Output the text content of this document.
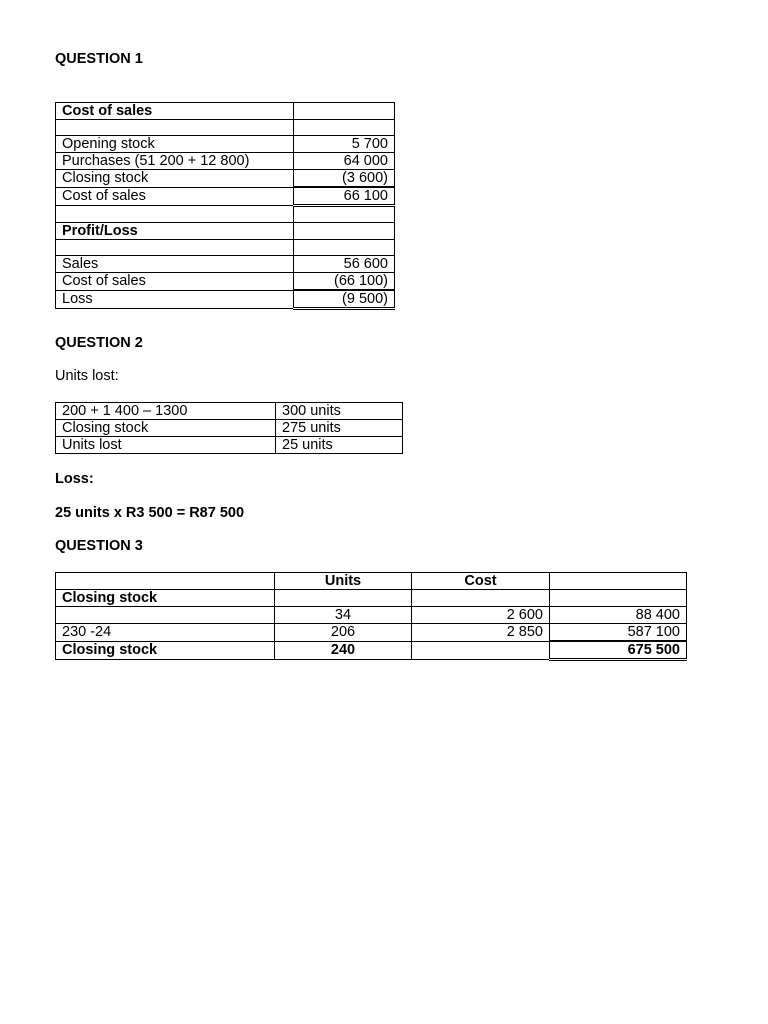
QUESTION 1
Cost of sales	

Opening stock	5 700
Purchases (51 200 + 12 800)	64 000
Closing stock	(3 600)
Cost of sales	66 100

Profit/Loss	

Sales	56 600
Cost of sales	(66 100)
Loss	(9 500)
QUESTION 2
Units lost:
200 + 1 400 – 1300	300 units
Closing stock	275 units
Units lost	25 units
Loss:
25 units x R3 500 = R87 500
QUESTION 3
	Units	Cost	
Closing stock			
	34	2 600	88 400
230 -24	206	2 850	587 100
Closing stock	240		675 500
